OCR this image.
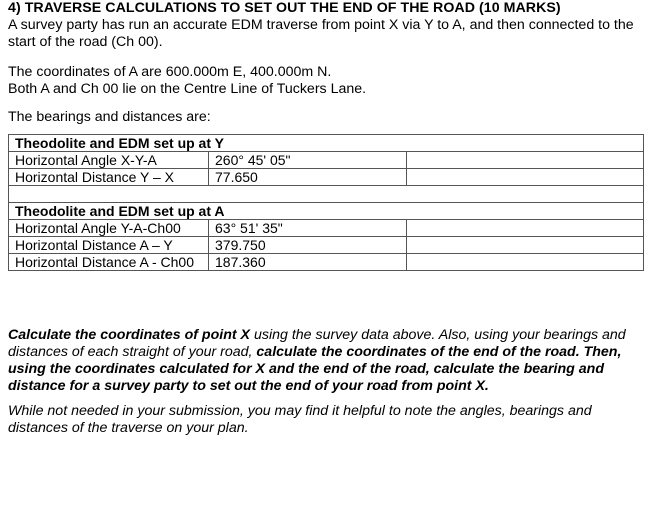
4) TRAVERSE CALCULATIONS TO SET OUT THE END OF THE ROAD (10 MARKS)

A survey party has run an accurate EDM traverse from point X via Y to A, and then connected to the start of the road (Ch 00).

The coordinates of A are 600.000m E, 400.000m N.

Both A and Ch 00 lie on the Centre Line of Tuckers Lane.

The bearings and distances are:

Theodolite and EDM set up at Y		
Horizontal Angle X-Y-A	260° 45' 05"	
Horizontal Distance Y – X	77.650	

Theodolite and EDM set up at A		
Horizontal Angle Y-A-Ch00	63° 51' 35"	
Horizontal Distance A – Y	379.750	
Horizontal Distance A - Ch00	187.360	

Calculate the coordinates of point X using the survey data above. Also, using your bearings and distances of each straight of your road, calculate the coordinates of the end of the road. Then, using the coordinates calculated for X and the end of the road, calculate the bearing and distance for a survey party to set out the end of your road from point X.

While not needed in your submission, you may find it helpful to note the angles, bearings and distances of the traverse on your plan.
